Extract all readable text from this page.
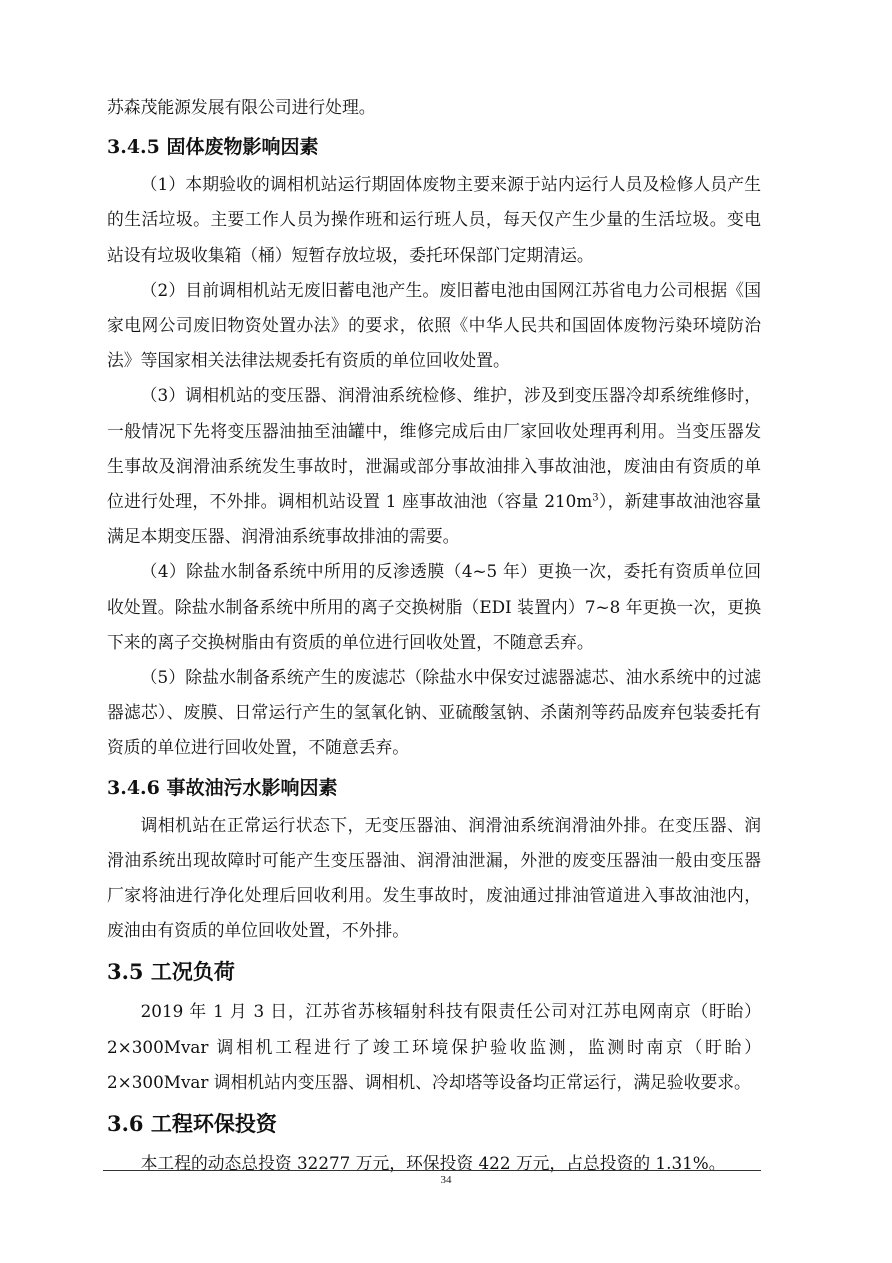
苏森茂能源发展有限公司进行处理。

3.4.5 固体废物影响因素

（1）本期验收的调相机站运行期固体废物主要来源于站内运行人员及检修人员产生的生活垃圾。主要工作人员为操作班和运行班人员，每天仅产生少量的生活垃圾。变电站设有垃圾收集箱（桶）短暂存放垃圾，委托环保部门定期清运。

（2）目前调相机站无废旧蓄电池产生。废旧蓄电池由国网江苏省电力公司根据《国家电网公司废旧物资处置办法》的要求，依照《中华人民共和国固体废物污染环境防治法》等国家相关法律法规委托有资质的单位回收处置。

（3）调相机站的变压器、润滑油系统检修、维护，涉及到变压器冷却系统维修时，一般情况下先将变压器油抽至油罐中，维修完成后由厂家回收处理再利用。当变压器发生事故及润滑油系统发生事故时，泄漏或部分事故油排入事故油池，废油由有资质的单位进行处理，不外排。调相机站设置 1 座事故油池（容量 $210m^3$），新建事故油池容量满足本期变压器、润滑油系统事故排油的需要。

（4）除盐水制备系统中所用的反渗透膜（4~5 年）更换一次，委托有资质单位回收处置。除盐水制备系统中所用的离子交换树脂（EDI 装置内）7~8 年更换一次，更换下来的离子交换树脂由有资质的单位进行回收处置，不随意丢弃。

（5）除盐水制备系统产生的废滤芯（除盐水中保安过滤器滤芯、油水系统中的过滤器滤芯）、废膜、日常运行产生的氢氧化钠、亚硫酸氢钠、杀菌剂等药品废弃包装委托有资质的单位进行回收处置，不随意丢弃。

3.4.6 事故油污水影响因素

调相机站在正常运行状态下，无变压器油、润滑油系统润滑油外排。在变压器、润滑油系统出现故障时可能产生变压器油、润滑油泄漏，外泄的废变压器油一般由变压器厂家将油进行净化处理后回收利用。发生事故时，废油通过排油管道进入事故油池内，废油由有资质的单位回收处置，不外排。

3.5 工况负荷

2019 年 1 月 3 日，江苏省苏核辐射科技有限责任公司对江苏电网南京（盱眙）2×300Mvar 调相机工程进行了竣工环境保护验收监测，监测时南京（盱眙）2×300Mvar 调相机站内变压器、调相机、冷却塔等设备均正常运行，满足验收要求。

3.6 工程环保投资

本工程的动态总投资 32277 万元，环保投资 422 万元，占总投资的 1.31%。

34
